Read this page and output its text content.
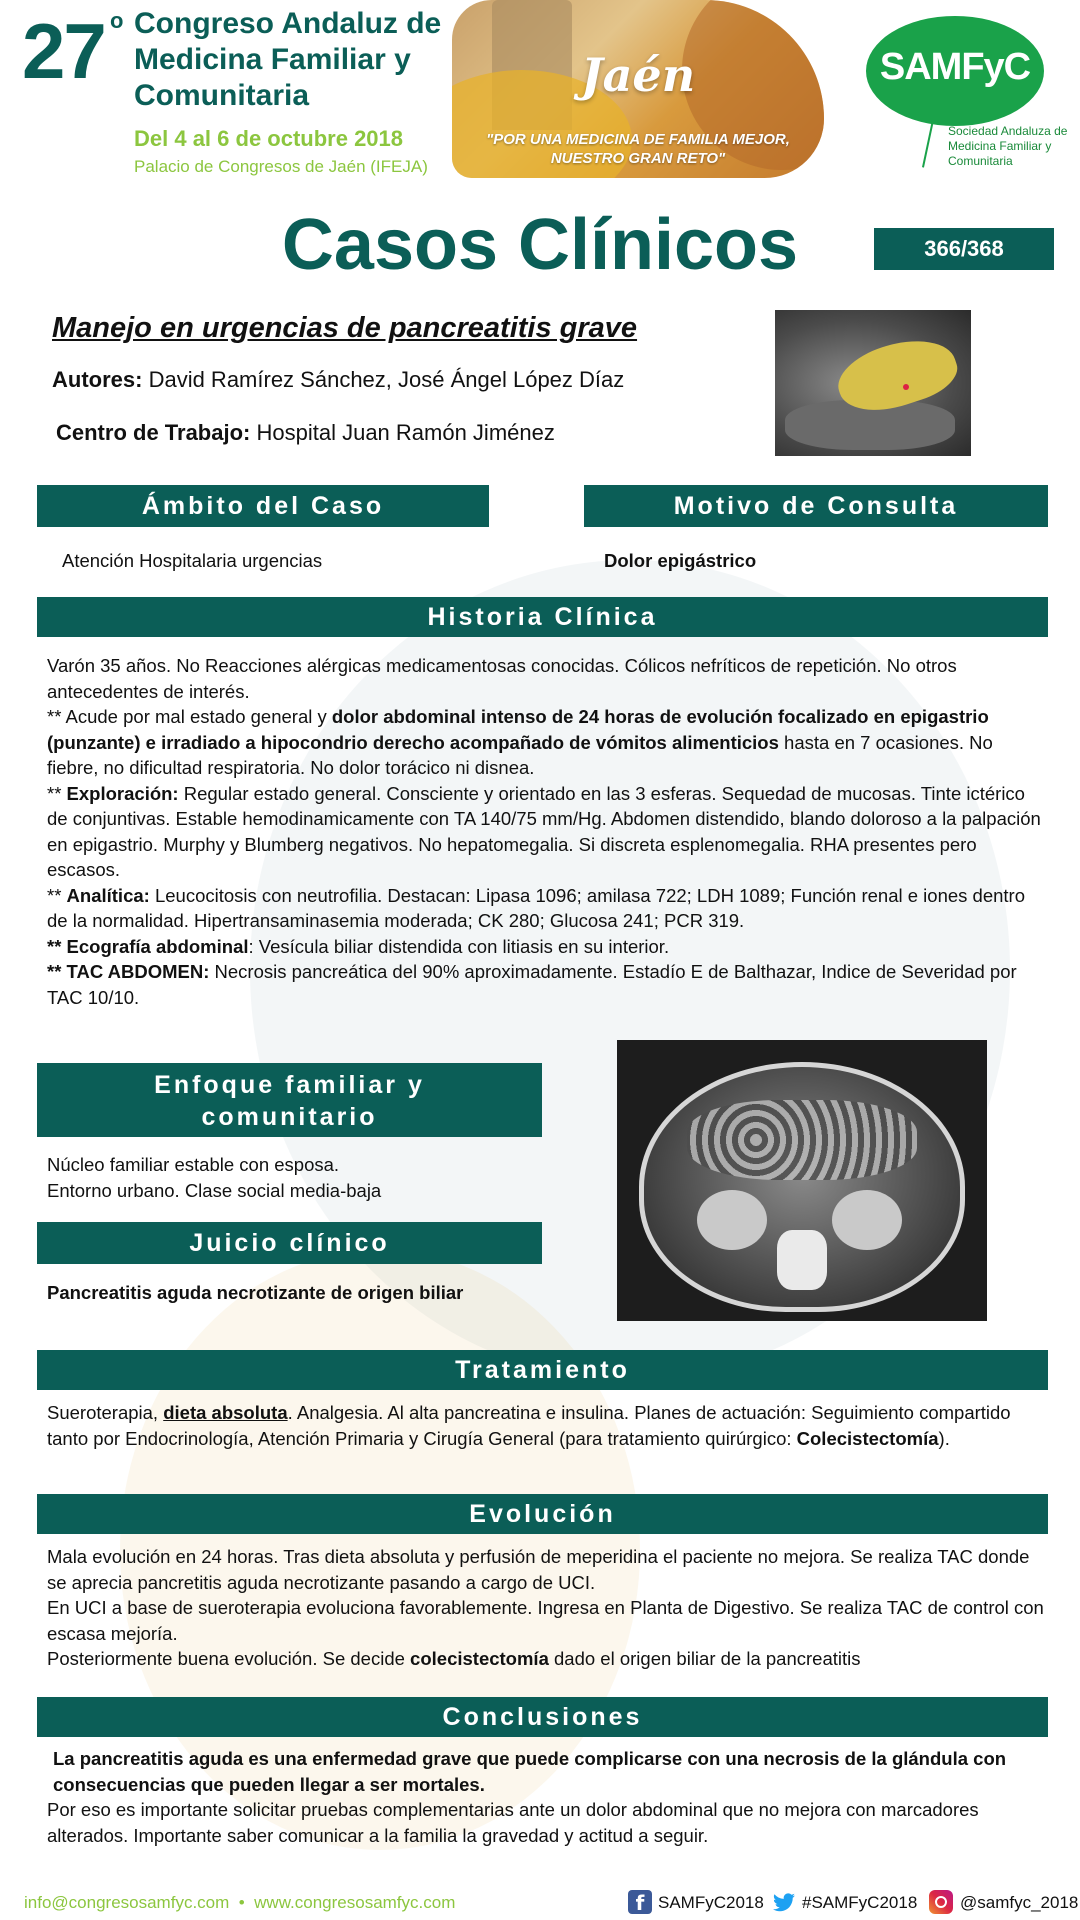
27 o Congreso Andaluz de Medicina Familiar y Comunitaria
Del 4 al 6 de octubre 2018
Palacio de Congresos de Jaén (IFEJA)
Jaén
"POR UNA MEDICINA DE FAMILIA MEJOR, NUESTRO GRAN RETO"
SAMFyC
Sociedad Andaluza de Medicina Familiar y Comunitaria
Casos Clínicos	366/368
Manejo en urgencias de pancreatitis grave
Autores: David Ramírez Sánchez, José Ángel López Díaz
Centro de Trabajo: Hospital Juan Ramón Jiménez
Ámbito del Caso	Motivo de Consulta
Atención Hospitalaria urgencias	Dolor epigástrico
Historia Clínica
Varón 35 años. No Reacciones alérgicas medicamentosas conocidas. Cólicos nefríticos de repetición. No otros antecedentes de interés.
** Acude por mal estado general y dolor abdominal intenso de 24 horas de evolución focalizado en epigastrio (punzante) e irradiado a hipocondrio derecho acompañado de vómitos alimenticios hasta en 7 ocasiones. No fiebre, no dificultad respiratoria. No dolor torácico ni disnea.
** Exploración: Regular estado general. Consciente y orientado en las 3 esferas. Sequedad de mucosas. Tinte ictérico de conjuntivas. Estable hemodinamicamente con TA 140/75 mm/Hg. Abdomen distendido, blando doloroso a la palpación en epigastrio. Murphy y Blumberg negativos. No hepatomegalia. Si discreta esplenomegalia. RHA presentes pero escasos.
** Analítica: Leucocitosis con neutrofilia. Destacan: Lipasa 1096; amilasa 722; LDH 1089; Función renal e iones dentro de la normalidad. Hipertransaminasemia moderada; CK 280; Glucosa 241; PCR 319.
** Ecografía abdominal: Vesícula biliar distendida con litiasis en su interior.
** TAC ABDOMEN: Necrosis pancreática del 90% aproximadamente. Estadío E de Balthazar, Indice de Severidad por TAC 10/10.
Enfoque familiar y comunitario
Núcleo familiar estable con esposa.
Entorno urbano. Clase social media-baja
Juicio clínico
Pancreatitis aguda necrotizante de origen biliar
Tratamiento
Sueroterapia, dieta absoluta. Analgesia. Al alta pancreatina e insulina. Planes de actuación: Seguimiento compartido tanto por Endocrinología, Atención Primaria y Cirugía General (para tratamiento quirúrgico: Colecistectomía).
Evolución
Mala evolución en 24 horas. Tras dieta absoluta y perfusión de meperidina el paciente no mejora. Se realiza TAC donde se aprecia pancretitis aguda necrotizante pasando a cargo de UCI.
En UCI a base de sueroterapia evoluciona favorablemente. Ingresa en Planta de Digestivo. Se realiza TAC de control con escasa mejoría.
Posteriormente buena evolución. Se decide colecistectomía dado el origen biliar de la pancreatitis
Conclusiones
La pancreatitis aguda es una enfermedad grave que puede complicarse con una necrosis de la glándula con consecuencias que pueden llegar a ser mortales.
Por eso es importante solicitar pruebas complementarias ante un dolor abdominal que no mejora con marcadores alterados. Importante saber comunicar a la familia la gravedad y actitud a seguir.
info@congresosamfyc.com • www.congresosamfyc.com	f SAMFyC2018 #SAMFyC2018	@samfyc_2018
